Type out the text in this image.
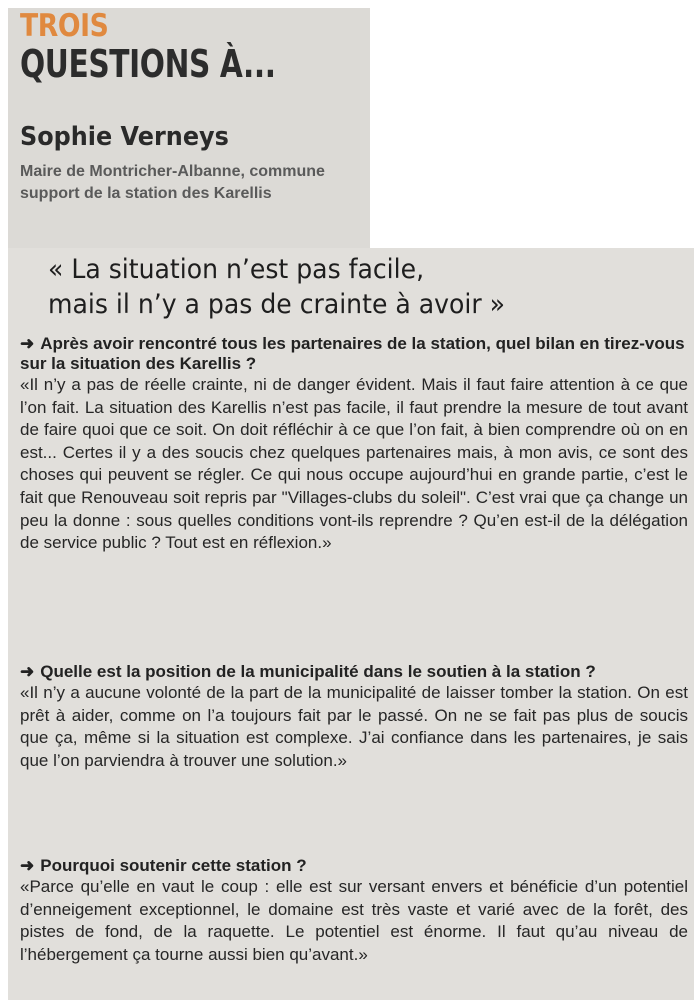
TROIS
QUESTIONS À...
Sophie Verneys
Maire de Montricher-Albanne, commune support de la station des Karellis
« La situation n’est pas facile,
mais il n’y a pas de crainte à avoir »
➜ Après avoir rencontré tous les partenaires de la station, quel bilan en tirez-vous sur la situation des Karellis ?
«Il n’y a pas de réelle crainte, ni de danger évident. Mais il faut faire attention à ce que l’on fait. La situation des Karellis n’est pas facile, il faut prendre la mesure de tout avant de faire quoi que ce soit. On doit réfléchir à ce que l’on fait, à bien comprendre où on en est... Certes il y a des soucis chez quelques partenaires mais, à mon avis, ce sont des choses qui peuvent se régler. Ce qui nous occupe aujourd’hui en grande partie, c’est le fait que Renouveau soit repris par "Villages-clubs du soleil". C’est vrai que ça change un peu la donne : sous quelles conditions vont-ils reprendre ? Qu’en est-il de la délégation de service public ? Tout est en réflexion.»
➜ Quelle est la position de la municipalité dans le soutien à la station ?
«Il n’y a aucune volonté de la part de la municipalité de laisser tomber la station. On est prêt à aider, comme on l’a toujours fait par le passé. On ne se fait pas plus de soucis que ça, même si la situation est complexe. J’ai confiance dans les partenaires, je sais que l’on parviendra à trouver une solution.»
➜ Pourquoi soutenir cette station ?
«Parce qu’elle en vaut le coup : elle est sur versant envers et bénéficie d’un potentiel d’enneigement exceptionnel, le domaine est très vaste et varié avec de la forêt, des pistes de fond, de la raquette. Le potentiel est énorme. Il faut qu’au niveau de l’hébergement ça tourne aussi bien qu’avant.»
